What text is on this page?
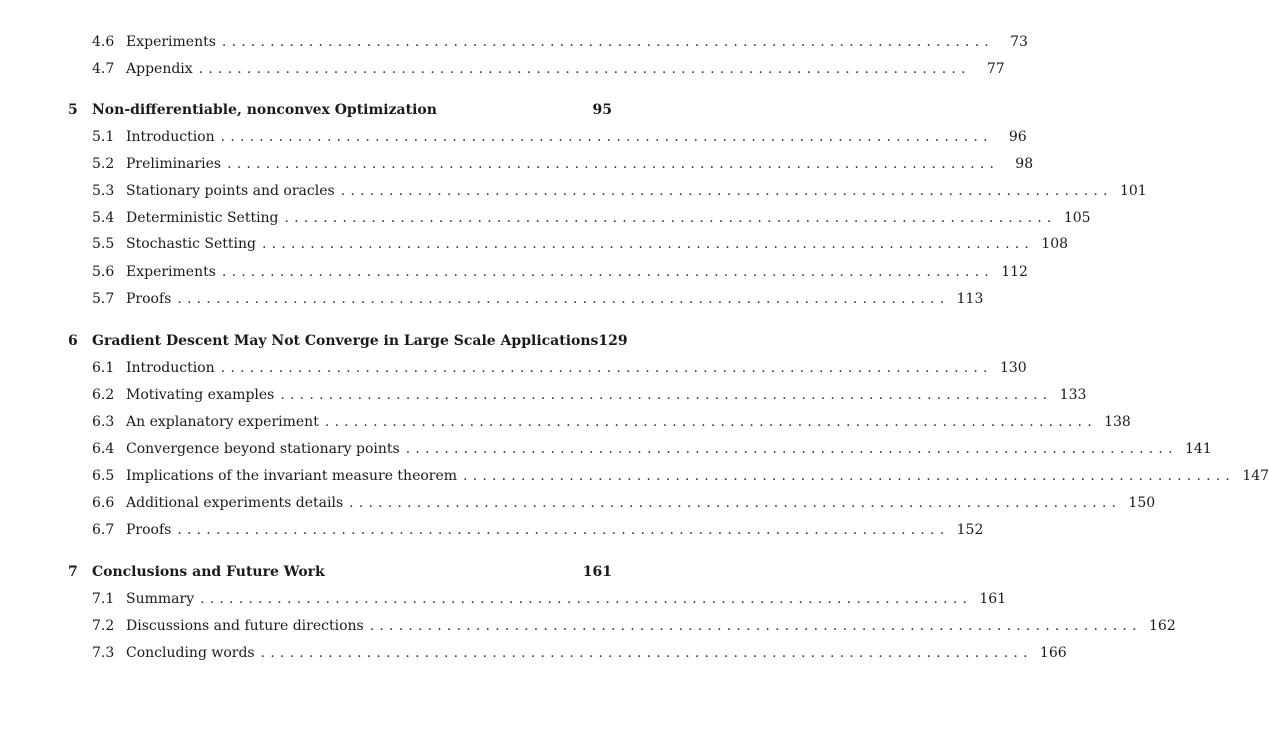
4.6 Experiments ................................................................................	73
4.7 Appendix ................................................................................	77
5	Non-differentiable, nonconvex Optimization	95
5.1 Introduction ................................................................................	96
5.2 Preliminaries ................................................................................	98
5.3 Stationary points and oracles ................................................................................ 101
5.4 Deterministic Setting ................................................................................ 105
5.5 Stochastic Setting ................................................................................ 108
5.6 Experiments ................................................................................ 112
5.7 Proofs ................................................................................ 113
6	Gradient Descent May Not Converge in Large Scale Applications 129
6.1 Introduction ................................................................................ 130
6.2 Motivating examples ................................................................................ 133
6.3 An explanatory experiment ................................................................................ 138
6.4 Convergence beyond stationary points ................................................................................ 141
6.5 Implications of the invariant measure theorem ................................................................................ 147
6.6 Additional experiments details ................................................................................ 150
6.7 Proofs ................................................................................ 152
7	Conclusions and Future Work	161
7.1 Summary ................................................................................ 161
7.2 Discussions and future directions ................................................................................ 162
7.3 Concluding words ................................................................................ 166
